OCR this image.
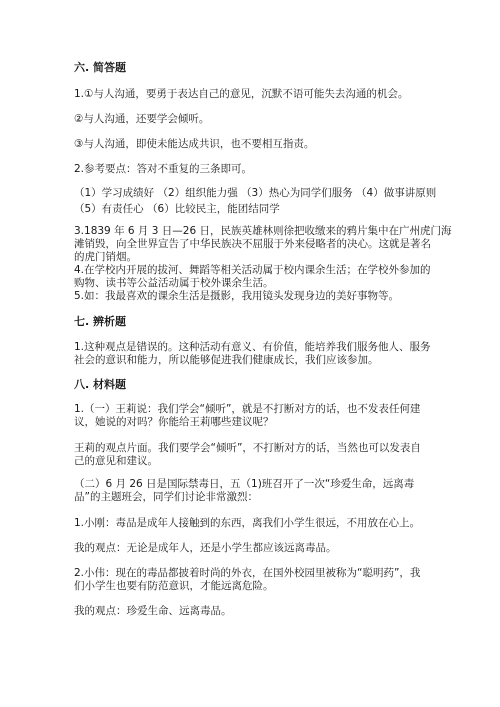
六. 简答题
1.①与人沟通，要勇于表达自己的意见，沉默不语可能失去沟通的机会。
②与人沟通，还要学会倾听。
③与人沟通，即使未能达成共识，也不要相互指责。
2.参考要点：答对不重复的三条即可。
（1）学习成绩好 （2）组织能力强 （3）热心为同学们服务 （4）做事讲原则
（5）有责任心 （6）比较民主，能团结同学
3.1839 年 6 月 3 日—26 日，民族英雄林则徐把收缴来的鸦片集中在广州虎门海
滩销毁，向全世界宣告了中华民族决不屈服于外来侵略者的决心。这就是著名
的虎门销烟。
4.在学校内开展的拔河、舞蹈等相关活动属于校内课余生活；在学校外参加的
购物、读书等公益活动属于校外课余生活。
5.如：我最喜欢的课余生活是摄影，我用镜头发现身边的美好事物等。
七. 辨析题
1.这种观点是错误的。这种活动有意义、有价值，能培养我们服务他人、服务
社会的意识和能力，所以能够促进我们健康成长，我们应该参加。
八. 材料题
1.（一）王莉说：我们学会“倾听”，就是不打断对方的话，也不发表任何建
议，她说的对吗？你能给王莉哪些建议呢？
王莉的观点片面。我们要学会“倾听”，不打断对方的话，当然也可以发表自
己的意见和建议。
（二）6 月 26 日是国际禁毒日，五（1)班召开了一次“珍爱生命，远离毒
品”的主题班会，同学们讨论非常激烈：
1.小刚：毒品是成年人接触到的东西，离我们小学生很远，不用放在心上。
我的观点：无论是成年人，还是小学生都应该远离毒品。
2.小伟：现在的毒品都披着时尚的外衣，在国外校园里被称为“聪明药”，我
们小学生也要有防范意识，才能远离危险。
我的观点：珍爱生命、远离毒品。
